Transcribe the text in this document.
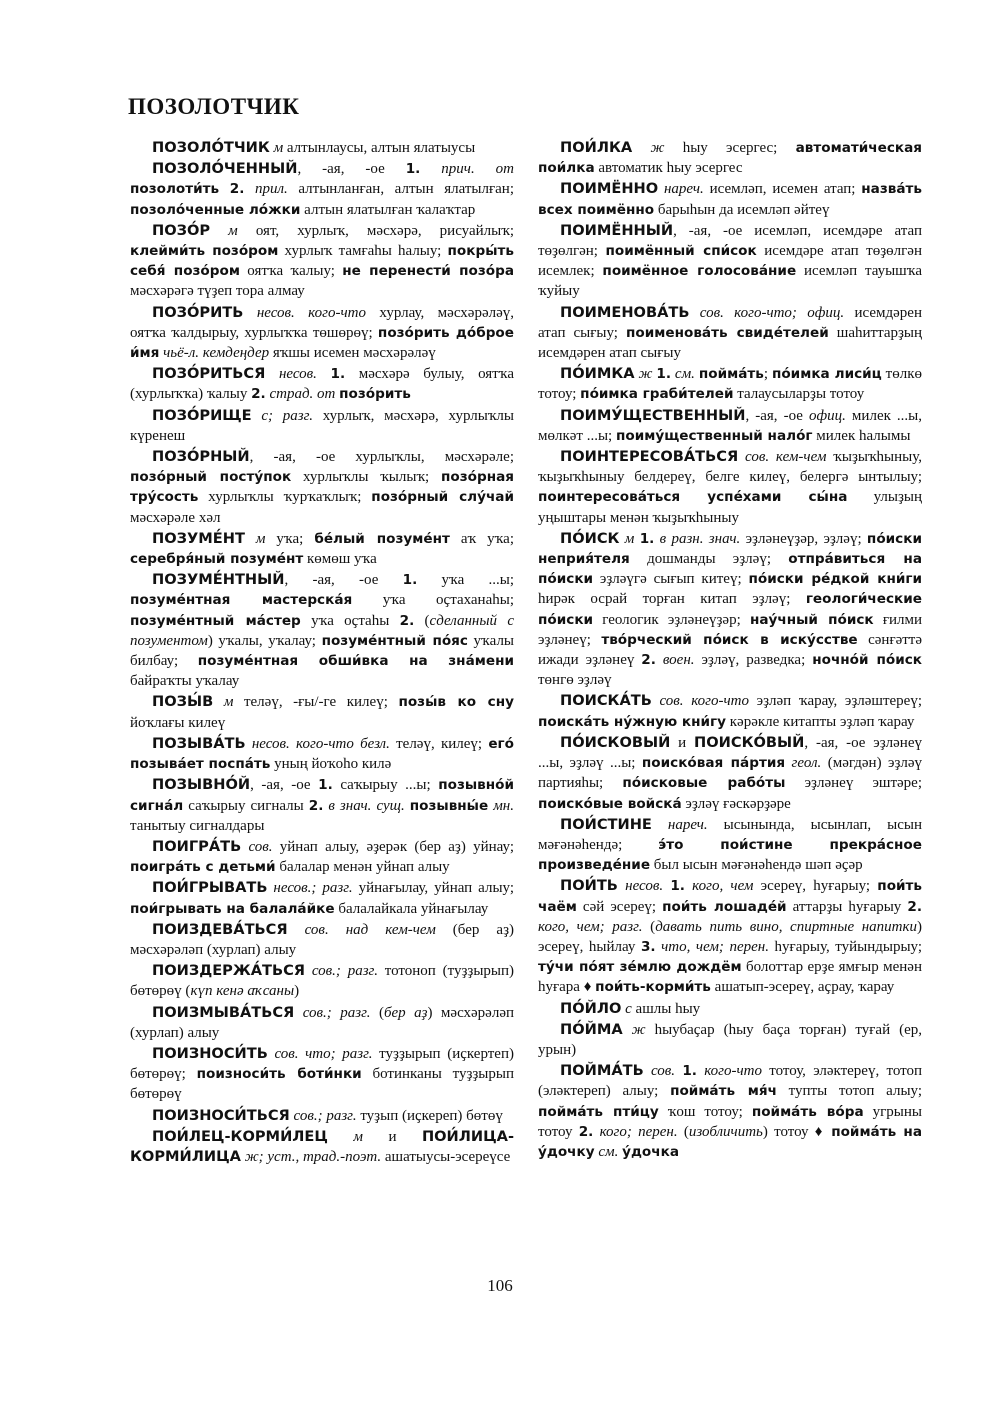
ПОЗОЛОТЧИК

ПОЗОЛО́ТЧИК м алтынлаусы, алтын ялатыусы

ПОЗОЛО́ЧЕННЫЙ, -ая, -ое 1. прич. от позолоти́ть 2. прил. алтынланған, алтын ялатылған; позоло́ченные ло́жки алтын ялатылған ҡалаҡтар

ПОЗО́Р м оят, хурлыҡ, мәсхәрә, рисуайлыҡ; клейми́ть позо́ром хурлыҡ тамғаһы һалыу; покры́ть себя́ позо́ром оятҡа ҡалыу; не перенести́ позо́ра мәсхәрәгә түҙеп тора алмау

ПОЗО́РИТЬ несов. кого-что хурлау, мәсхәрәләү, оятҡа ҡалдырыу, хурлыҡҡа төшөрөү; позо́рить до́брое и́мя чьё-л. кемдеңдер яҡшы исемен мәсхәрәләү

ПОЗО́РИТЬСЯ несов. 1. мәсхәрә булыу, оятҡа (хурлыҡҡа) ҡалыу 2. страд. от позо́рить

ПОЗО́РИЩЕ с; разг. хурлыҡ, мәсхәрә, хурлыҡлы күренеш

ПОЗО́РНЫЙ, -ая, -ое хурлыҡлы, мәсхәрәле; позо́рный посту́пок хурлыҡлы ҡылыҡ; позо́рная тру́сость хурлыҡлы ҡурҡаҡлыҡ; позо́рный слу́чай мәсхәрәле хәл

ПОЗУМЕ́НТ м уҡа; бе́лый позуме́нт аҡ уҡа; серебря́ный позуме́нт көмөш уҡа

ПОЗУМЕ́НТНЫЙ, -ая, -ое 1. уҡа ...ы; позуме́нтная мастерска́я уҡа оҫтаханаһы; позуме́нтный ма́стер уҡа оҫтаһы 2. (сделанный с позументом) уҡалы, уҡалау; позуме́нтный по́яс уҡалы билбау; позуме́нтная обши́вка на зна́мени байраҡты уҡалау

ПОЗЫ́В м теләү, -ғы/-ге килеү; позы́в ко сну йоҡлағы килеү

ПОЗЫВА́ТЬ несов. кого-что безл. теләү, килеү; его́ позыва́ет поспа́ть уның йоҡоһо килә

ПОЗЫВНО́Й, -ая, -ое 1. саҡырыу ...ы; позывно́й сигна́л саҡырыу сигналы 2. в знач. сущ. позывны́е мн. танытыу сигналдары

ПОИГРА́ТЬ сов. уйнап алыу, әҙерәк (бер аҙ) уйнау; поигра́ть с детьми́ балалар менән уйнап алыу

ПОИ́ГРЫВАТЬ несов.; разг. уйнағылау, уйнап алыу; пои́грывать на балала́йке балалайкала уйнағылау

ПОИЗДЕВА́ТЬСЯ сов. над кем-чем (бер аҙ) мәсхәрәләп (хурлап) алыу

ПОИЗДЕРЖА́ТЬСЯ сов.; разг. тотоноп (туҙҙырып) бөтөрөү (күп кенә аҡсаны)

ПОИЗМЫВА́ТЬСЯ сов.; разг. (бер аҙ) мәсхәрәләп (хурлап) алыу

ПОИЗНОСИ́ТЬ сов. что; разг. туҙҙырып (иҫкертеп) бөтөрөү; поизноси́ть боти́нки ботинканы туҙҙырып бөтөрөү

ПОИЗНОСИ́ТЬСЯ сов.; разг. туҙып (иҫкереп) бөтөү

ПОИ́ЛЕЦ-КОРМИ́ЛЕЦ м и ПОИ́ЛИЦА-КОРМИ́ЛИЦА ж; уст., трад.-поэт. ашатыусы-эсереүсе

ПОИ́ЛКА ж һыу эсергес; автомати́ческая пои́лка автоматик һыу эсергес

ПОИМЁННО нареч. исемләп, исемен атап; назва́ть всех поимённо барыһын да исемләп әйтеү

ПОИМЁННЫЙ, -ая, -ое исемләп, исемдәре атап төҙөлгән; поимённый спи́сок исемдәре атап төҙөлгән исемлек; поимённое голосова́ние исемләп тауышҡа ҡуйыу

ПОИМЕНОВА́ТЬ сов. кого-что; офиц. исемдәрен атап сығыу; поименова́ть свиде́телей шаһиттарҙың исемдәрен атап сығыу

ПО́ИМКА ж 1. см. пойма́ть; по́имка лиси́ц төлкө тотоу; по́имка граби́телей талаусыларҙы тотоу

ПОИМУ́ЩЕСТВЕННЫЙ, -ая, -ое офиц. милек ...ы, мөлкәт ...ы; поиму́щественный нало́г милек һалымы

ПОИНТЕРЕСОВА́ТЬСЯ сов. кем-чем ҡыҙыҡһыныу, ҡыҙыҡһыныу белдереү, белге килеү, белергә ынтылыу; поинтересова́ться успе́хами сы́на улыҙың уңыштары менән ҡыҙыҡһыныу

ПО́ИСК м 1. в разн. знач. эҙләнеүҙәр, эҙләү; по́иски неприя́теля дошманды эҙләү; отпра́виться на по́иски эҙләүгә сығып китеү; по́иски ре́дкой кни́ги һирәк осрай торған китап эҙләү; геологи́ческие по́иски геологик эҙләнеүҙәр; нау́чный по́иск ғилми эҙләнеү; тво́рческий по́иск в иску́сстве сәнғәттә ижади эҙләнеү 2. воен. эҙләү, разведка; ночно́й по́иск төнгө эҙләү

ПОИСКА́ТЬ сов. кого-что эҙләп ҡарау, эҙләштереү; поиска́ть ну́жную кни́гу кәрәкле китапты эҙләп ҡарау

ПО́ИСКОВЫЙ и ПОИСКО́ВЫЙ, -ая, -ое эҙләнеү ...ы, эҙләү ...ы; поиско́вая па́ртия геол. (мәгдән) эҙләү партияһы; по́исковые рабо́ты эҙләнеү эштәре; поиско́вые войска́ эҙләү ғәскәрҙәре

ПОИ́СТИНЕ нареч. ысынында, ысынлап, ысын мәғәнәһендә; э́то пои́стине прекра́сное произведе́ние был ысын мәғәнәһендә шәп әҫәр

ПОИ́ТЬ несов. 1. кого, чем эсереү, һуғарыу; пои́ть чаём сәй эсереү; пои́ть лошаде́й аттарҙы һуғарыу 2. кого, чем; разг. (давать пить вино, спиртные напитки) эсереү, һыйлау 3. что, чем; перен. һуғарыу, туйындырыу; ту́чи по́ят зе́млю дождём болоттар ерҙе ямғыр менән һуғара ♦ пои́ть-корми́ть ашатып-эсереү, аҫрау, ҡарау

ПО́ЙЛО с ашлы һыу

ПО́ЙМА ж һыубаҫар (һыу баҫа торған) туғай (ер, урын)

ПОЙМА́ТЬ сов. 1. кого-что тотоу, эләктереү, тотоп (эләктереп) алыу; пойма́ть мя́ч тупты тотоп алыу; пойма́ть пти́цу ҡош тотоу; пойма́ть во́ра угрыны тотоу 2. кого; перен. (изобличить) тотоу ♦ пойма́ть на у́дочку см. у́дочка

106
